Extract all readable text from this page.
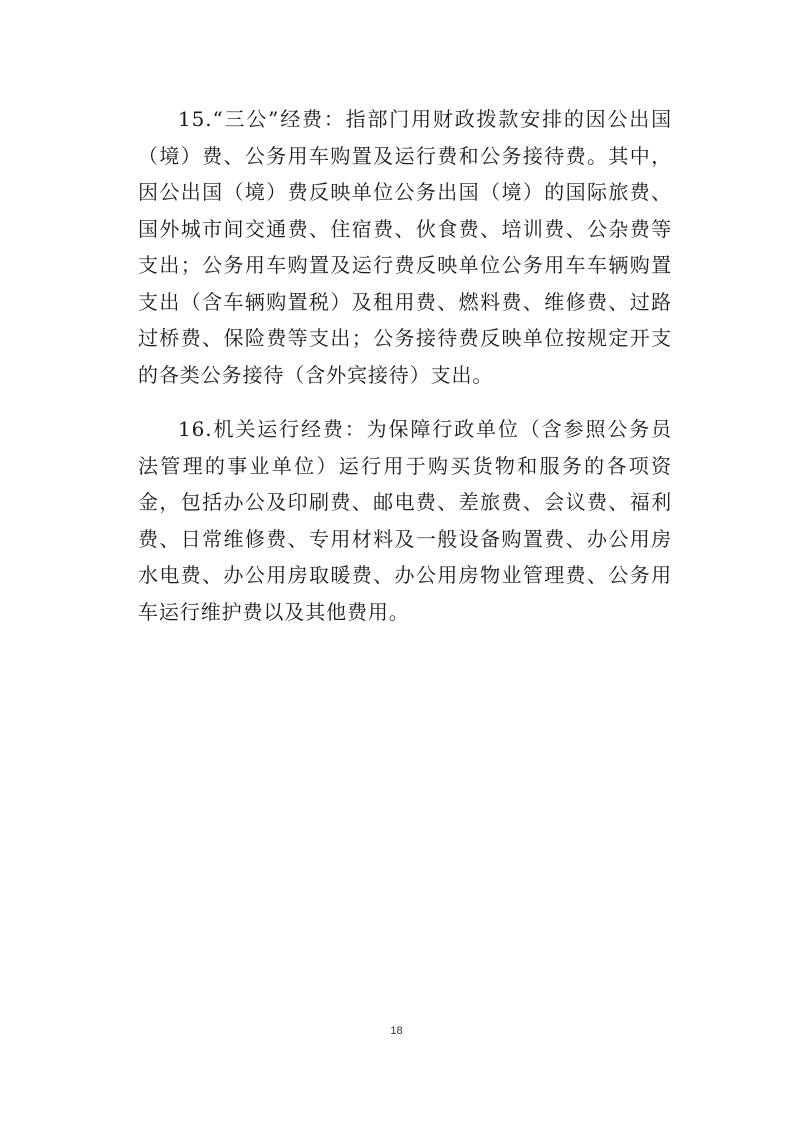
15.“三公”经费：指部门用财政拨款安排的因公出国（境）费、公务用车购置及运行费和公务接待费。其中，因公出国（境）费反映单位公务出国（境）的国际旅费、国外城市间交通费、住宿费、伙食费、培训费、公杂费等支出；公务用车购置及运行费反映单位公务用车车辆购置支出（含车辆购置税）及租用费、燃料费、维修费、过路过桥费、保险费等支出；公务接待费反映单位按规定开支的各类公务接待（含外宾接待）支出。

16.机关运行经费：为保障行政单位（含参照公务员法管理的事业单位）运行用于购买货物和服务的各项资金，包括办公及印刷费、邮电费、差旅费、会议费、福利费、日常维修费、专用材料及一般设备购置费、办公用房水电费、办公用房取暖费、办公用房物业管理费、公务用车运行维护费以及其他费用。

18
